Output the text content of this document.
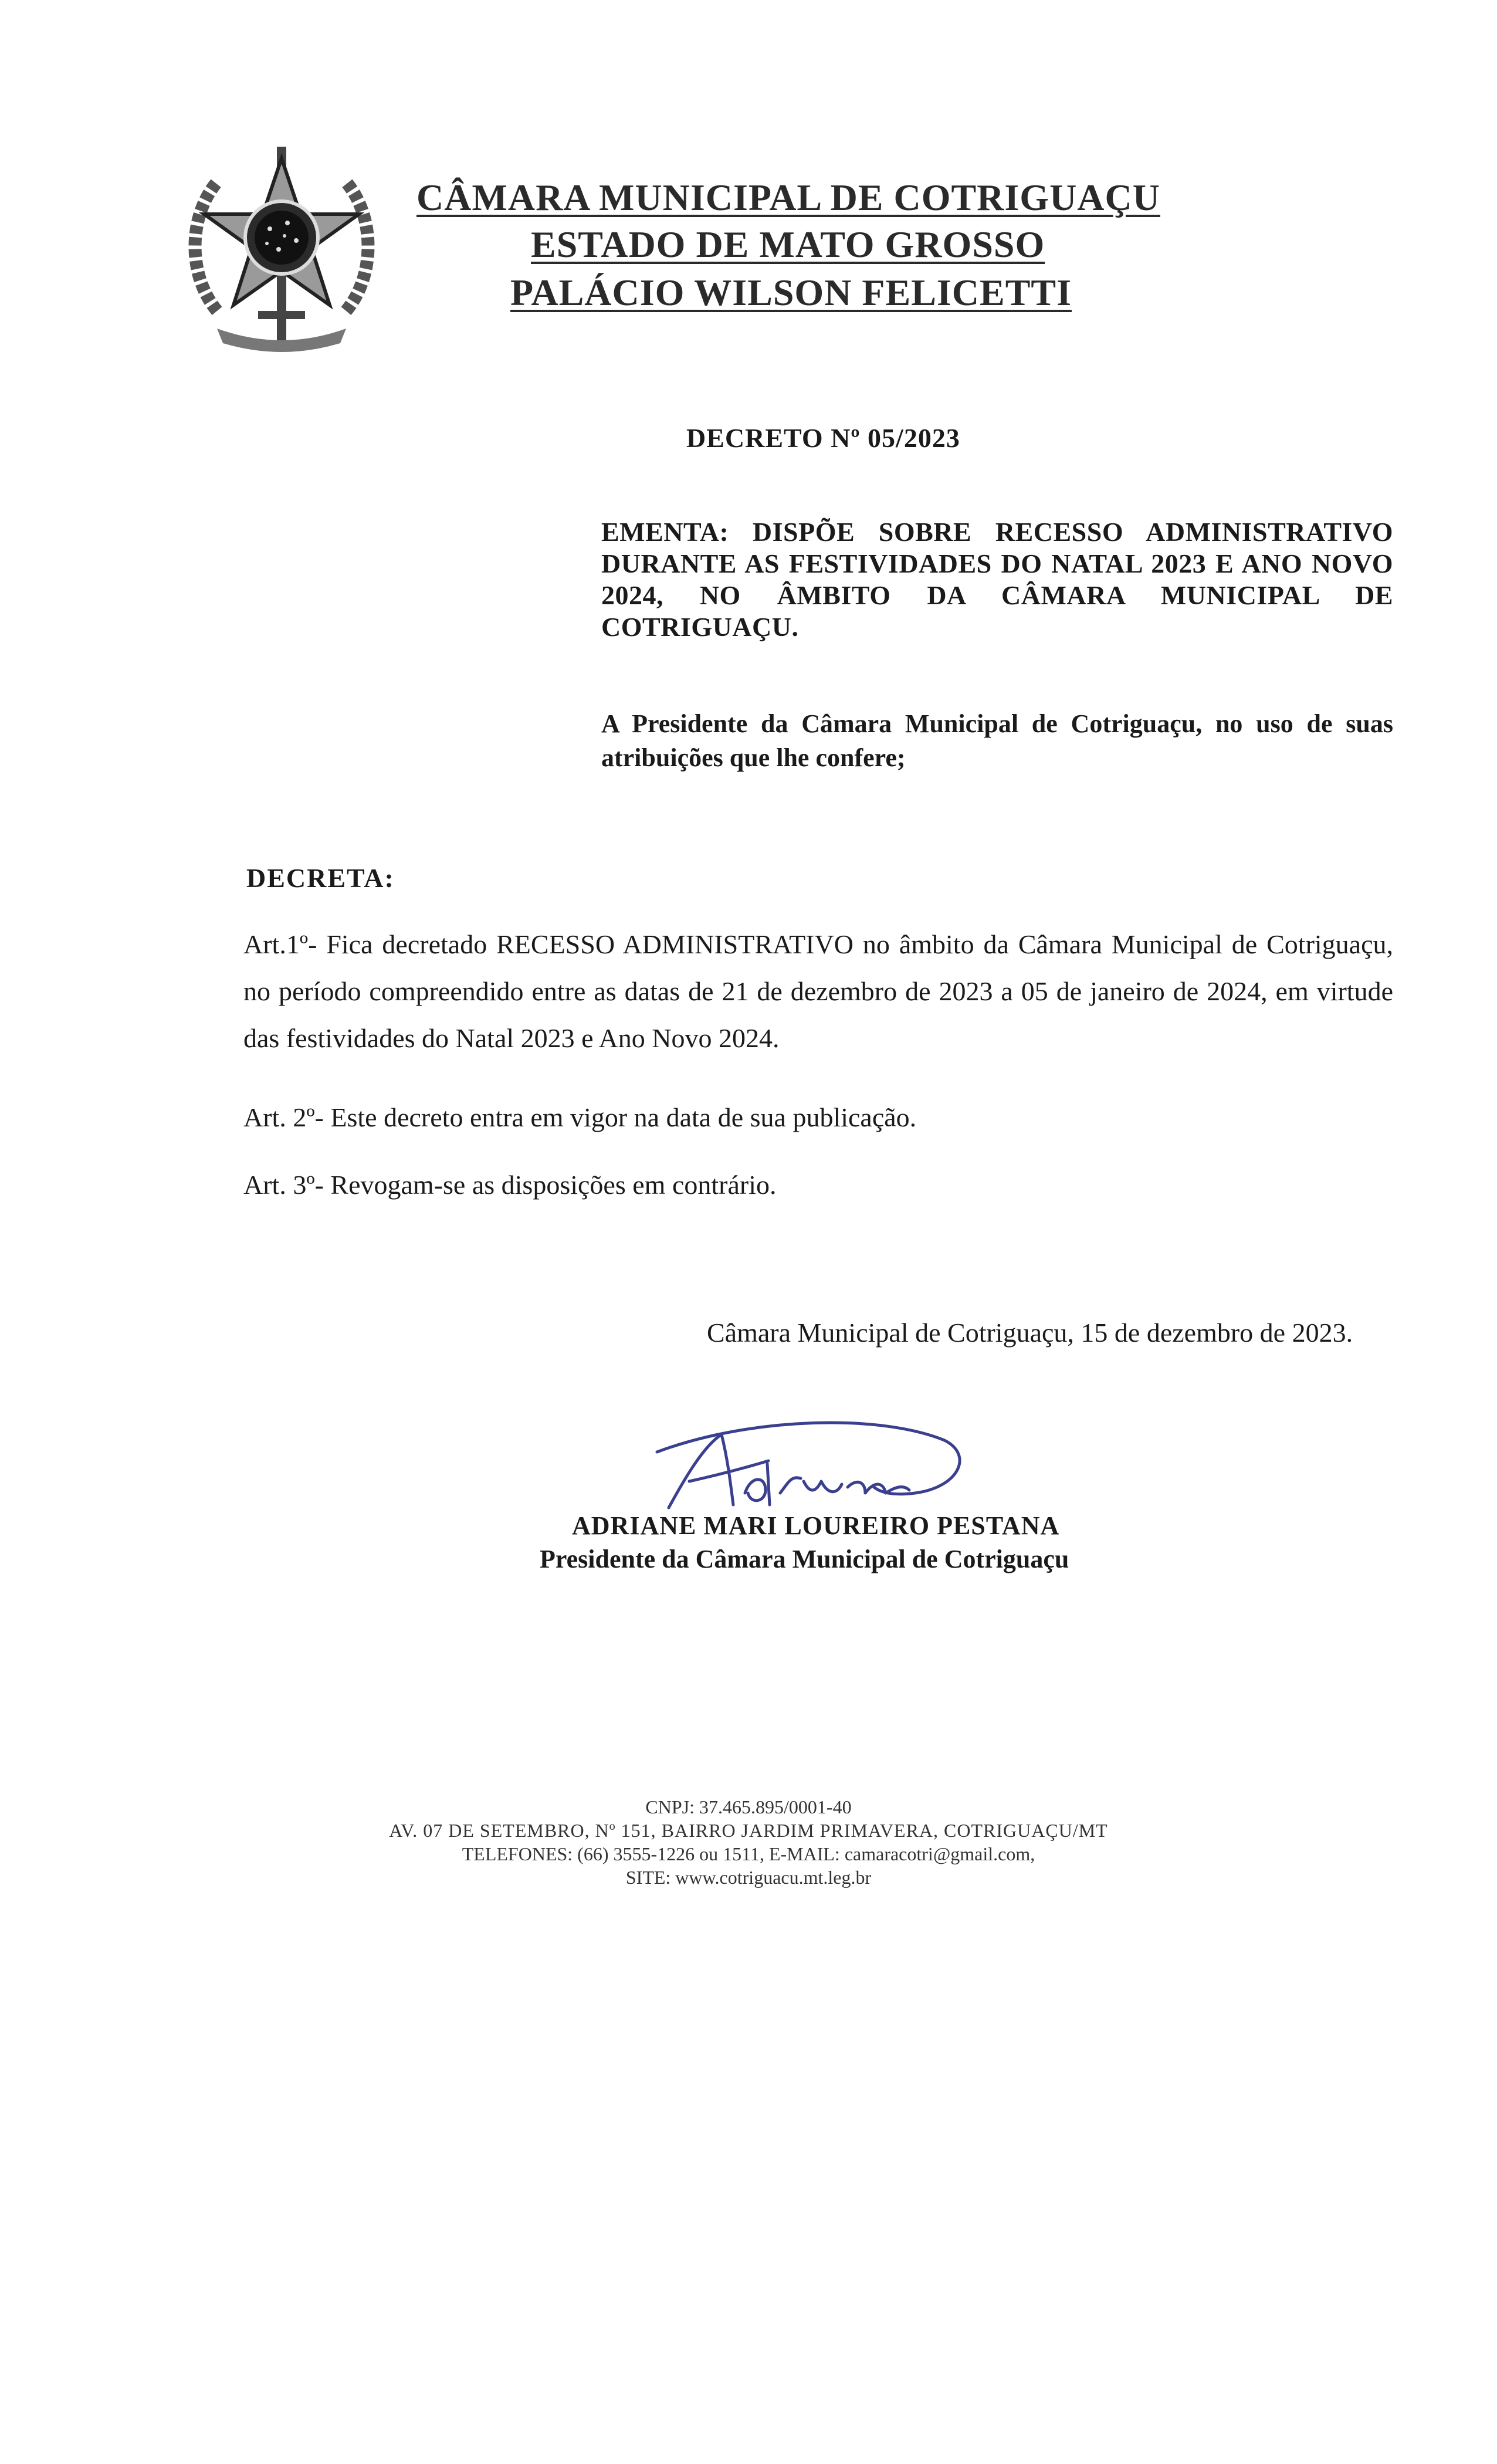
CÂMARA MUNICIPAL DE COTRIGUAÇU
ESTADO DE MATO GROSSO
PALÁCIO WILSON FELICETTI
DECRETO Nº 05/2023
EMENTA: DISPÕE SOBRE RECESSO ADMINISTRATIVO DURANTE AS FESTIVIDADES DO NATAL 2023 E ANO NOVO 2024, NO ÂMBITO DA CÂMARA MUNICIPAL DE COTRIGUAÇU.
A Presidente da Câmara Municipal de Cotriguaçu, no uso de suas atribuições que lhe confere;
DECRETA:
Art.1º- Fica decretado RECESSO ADMINISTRATIVO no âmbito da Câmara Municipal de Cotriguaçu, no período compreendido entre as datas de 21 de dezembro de 2023 a 05 de janeiro de 2024, em virtude das festividades do Natal 2023 e Ano Novo 2024.
Art. 2º- Este decreto entra em vigor na data de sua publicação.
Art. 3º- Revogam-se as disposições em contrário.
Câmara Municipal de Cotriguaçu, 15 de dezembro de 2023.
ADRIANE MARI LOUREIRO PESTANA
Presidente da Câmara Municipal de Cotriguaçu
CNPJ: 37.465.895/0001-40
AV. 07 DE SETEMBRO, Nº 151, BAIRRO JARDIM PRIMAVERA, COTRIGUAÇU/MT
TELEFONES: (66) 3555-1226 ou 1511, E-MAIL: camaracotri@gmail.com,
SITE: www.cotriguacu.mt.leg.br
